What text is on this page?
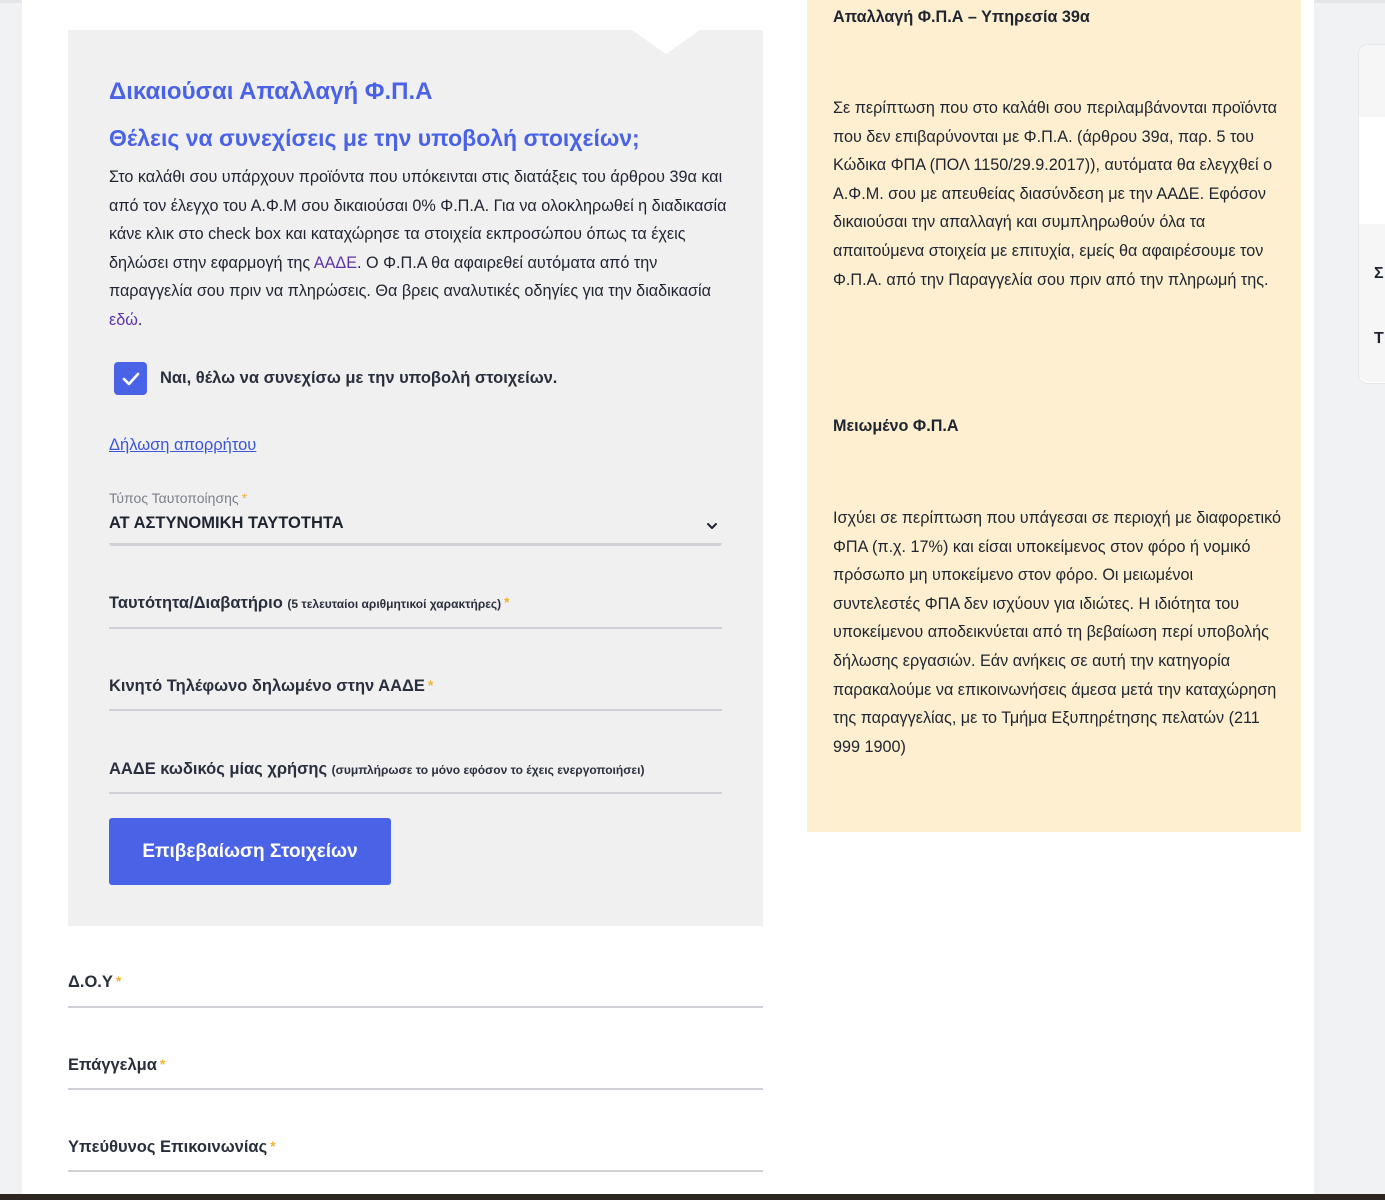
Δικαιούσαι Απαλλαγή Φ.Π.Α
Θέλεις να συνεχίσεις με την υποβολή στοιχείων;

Στο καλάθι σου υπάρχουν προϊόντα που υπόκεινται στις διατάξεις του άρθρου 39α και από τον έλεγχο του Α.Φ.Μ σου δικαιούσαι 0% Φ.Π.Α. Για να ολοκληρωθεί η διαδικασία κάνε κλικ στο check box και καταχώρησε τα στοιχεία εκπροσώπου όπως τα έχεις δηλώσει στην εφαρμογή της ΑΑΔΕ. Ο Φ.Π.Α θα αφαιρεθεί αυτόματα από την παραγγελία σου πριν να πληρώσεις. Θα βρεις αναλυτικές οδηγίες για την διαδικασία εδώ.

Ναι, θέλω να συνεχίσω με την υποβολή στοιχείων.
Δήλωση απορρήτου
Τύπος Ταυτοποίησης *
ΑΤ ΑΣΤΥΝΟΜΙΚΗ ΤΑΥΤΟΤΗΤΑ
Ταυτότητα/Διαβατήριο (5 τελευταίοι αριθμητικοί χαρακτήρες) *
Κινητό Τηλέφωνο δηλωμένο στην ΑΑΔΕ *
ΑΑΔΕ κωδικός μίας χρήσης (συμπλήρωσε το μόνο εφόσον το έχεις ενεργοποιήσει)
Επιβεβαίωση Στοιχείων
Δ.Ο.Υ *
Επάγγελμα *
Υπεύθυνος Επικοινωνίας *
Απαλλαγή Φ.Π.Α – Υπηρεσία 39α

Σε περίπτωση που στο καλάθι σου περιλαμβάνονται προϊόντα που δεν επιβαρύνονται με Φ.Π.Α. (άρθρου 39α, παρ. 5 του Κώδικα ΦΠΑ (ΠΟΛ 1150/29.9.2017)), αυτόματα θα ελεγχθεί ο Α.Φ.Μ. σου με απευθείας διασύνδεση με την ΑΑΔΕ. Εφόσον δικαιούσαι την απαλλαγή και συμπληρωθούν όλα τα απαιτούμενα στοιχεία με επιτυχία, εμείς θα αφαιρέσουμε τον Φ.Π.Α. από την Παραγγελία σου πριν από την πληρωμή της.

Μειωμένο Φ.Π.Α

Ισχύει σε περίπτωση που υπάγεσαι σε περιοχή με διαφορετικό ΦΠΑ (π.χ. 17%) και είσαι υποκείμενος στον φόρο ή νομικό πρόσωπο μη υποκείμενο στον φόρο. Οι μειωμένοι συντελεστές ΦΠΑ δεν ισχύουν για ιδιώτες. Η ιδιότητα του υποκείμενου αποδεικνύεται από τη βεβαίωση περί υποβολής δήλωσης εργασιών. Εάν ανήκεις σε αυτή την κατηγορία παρακαλούμε να επικοινωνήσεις άμεσα μετά την καταχώρηση της παραγγελίας, με το Τμήμα Εξυπηρέτησης πελατών (211 999 1900)

Σ
Τ
